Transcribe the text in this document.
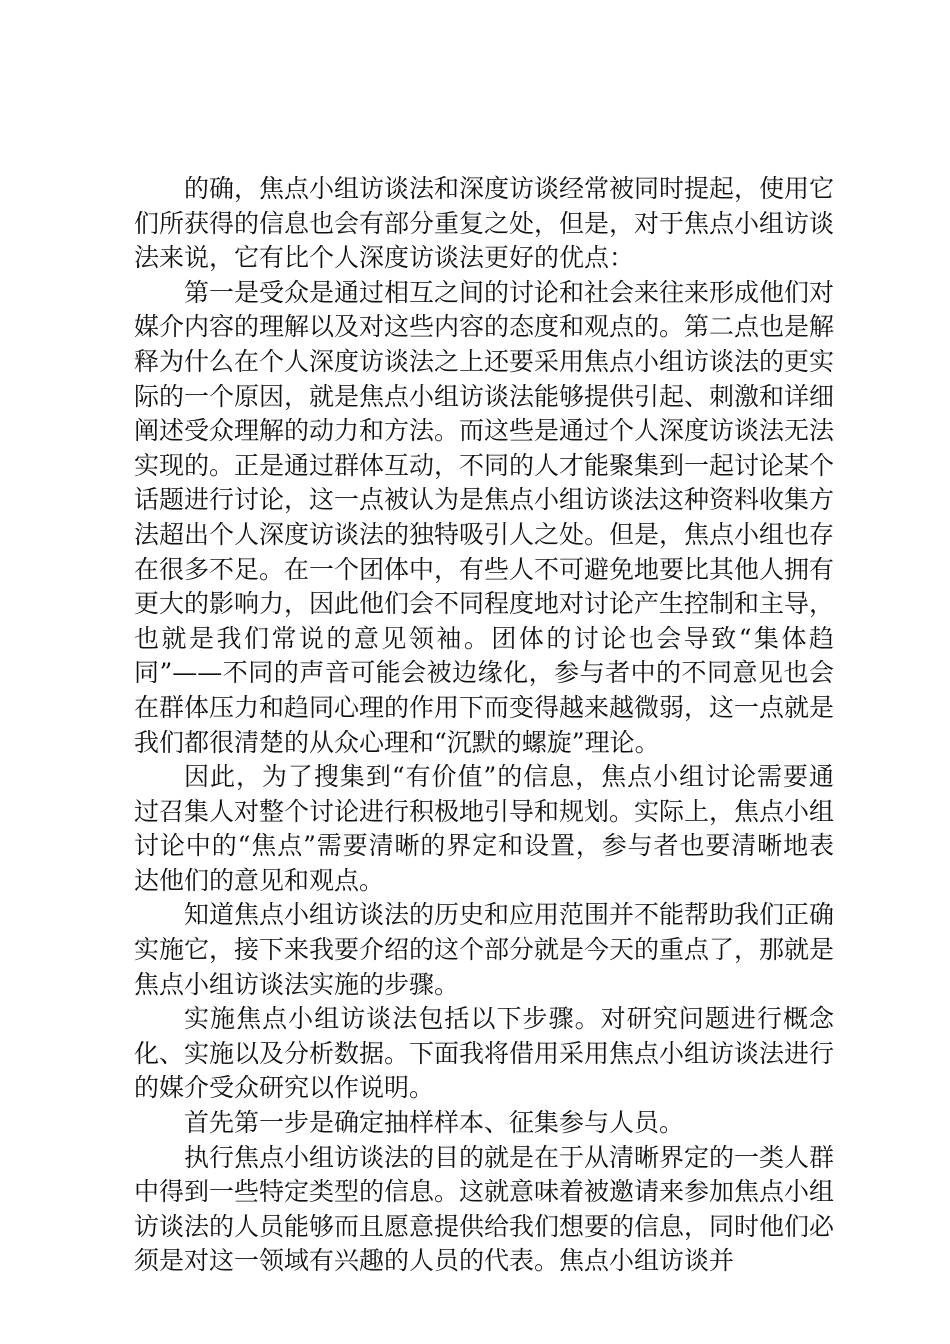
的确，焦点小组访谈法和深度访谈经常被同时提起，使用它们所获得的信息也会有部分重复之处，但是，对于焦点小组访谈法来说，它有比个人深度访谈法更好的优点：

第一是受众是通过相互之间的讨论和社会来往来形成他们对媒介内容的理解以及对这些内容的态度和观点的。第二点也是解释为什么在个人深度访谈法之上还要采用焦点小组访谈法的更实际的一个原因，就是焦点小组访谈法能够提供引起、刺激和详细阐述受众理解的动力和方法。而这些是通过个人深度访谈法无法实现的。正是通过群体互动，不同的人才能聚集到一起讨论某个话题进行讨论，这一点被认为是焦点小组访谈法这种资料收集方法超出个人深度访谈法的独特吸引人之处。但是，焦点小组也存在很多不足。在一个团体中，有些人不可避免地要比其他人拥有更大的影响力，因此他们会不同程度地对讨论产生控制和主导，也就是我们常说的意见领袖。团体的讨论也会导致“集体趋同”——不同的声音可能会被边缘化，参与者中的不同意见也会在群体压力和趋同心理的作用下而变得越来越微弱，这一点就是我们都很清楚的从众心理和“沉默的螺旋”理论。

因此，为了搜集到“有价值”的信息，焦点小组讨论需要通过召集人对整个讨论进行积极地引导和规划。实际上，焦点小组讨论中的“焦点”需要清晰的界定和设置，参与者也要清晰地表达他们的意见和观点。

知道焦点小组访谈法的历史和应用范围并不能帮助我们正确实施它，接下来我要介绍的这个部分就是今天的重点了，那就是焦点小组访谈法实施的步骤。

实施焦点小组访谈法包括以下步骤。对研究问题进行概念化、实施以及分析数据。下面我将借用采用焦点小组访谈法进行的媒介受众研究以作说明。

首先第一步是确定抽样样本、征集参与人员。

执行焦点小组访谈法的目的就是在于从清晰界定的一类人群中得到一些特定类型的信息。这就意味着被邀请来参加焦点小组访谈法的人员能够而且愿意提供给我们想要的信息，同时他们必须是对这一领域有兴趣的人员的代表。焦点小组访谈并
